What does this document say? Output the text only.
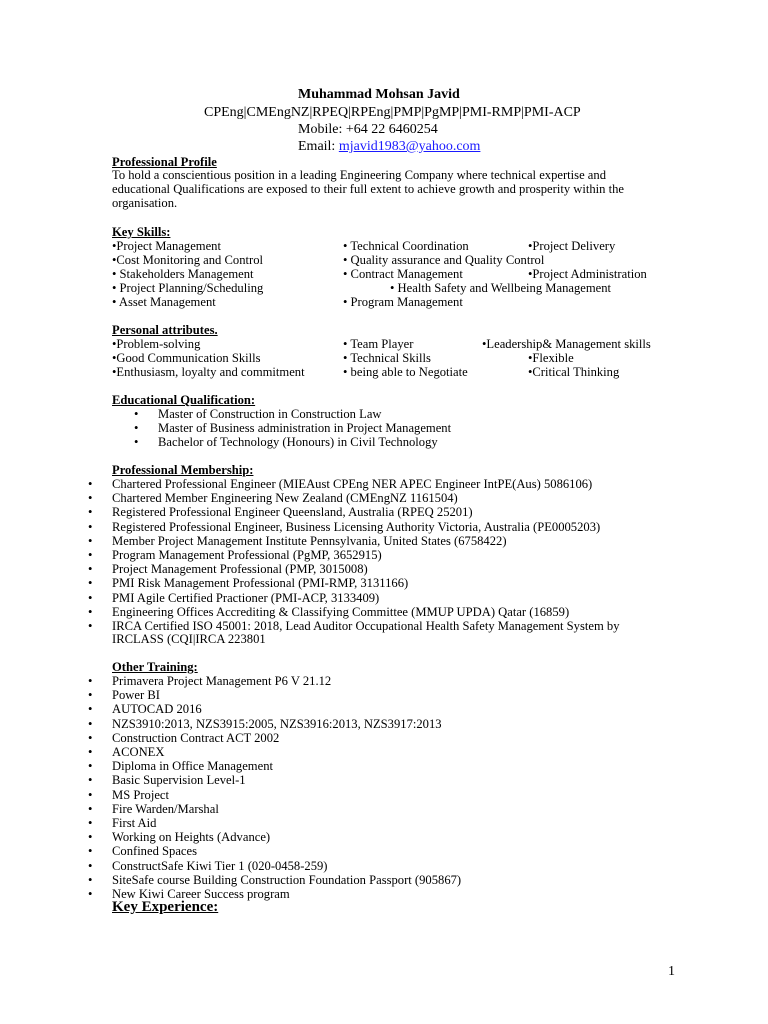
Muhammad Mohsan Javid
CPEng|CMEngNZ|RPEQ|RPEng|PMP|PgMP|PMI-RMP|PMI-ACP
Mobile: +64 22 6460254
Email: mjavid1983@yahoo.com
Professional Profile
To hold a conscientious position in a leading Engineering Company where technical expertise and
educational Qualifications are exposed to their full extent to achieve growth and prosperity within the
organisation.
Key Skills:
•Project Management	• Technical Coordination	•Project Delivery
•Cost Monitoring and Control	• Quality assurance and Quality Control
• Stakeholders Management	• Contract Management	•Project Administration
• Project Planning/Scheduling	• Health Safety and Wellbeing Management
• Asset Management	• Program Management
Personal attributes.
•Problem-solving	• Team Player	•Leadership& Management skills
•Good Communication Skills	• Technical Skills	•Flexible
•Enthusiasm, loyalty and commitment	• being able to Negotiate	•Critical Thinking
Educational Qualification:
• Master of Construction in Construction Law
• Master of Business administration in Project Management
• Bachelor of Technology (Honours) in Civil Technology
Professional Membership:
• Chartered Professional Engineer (MIEAust CPEng NER APEC Engineer IntPE(Aus) 5086106)
• Chartered Member Engineering New Zealand (CMEngNZ 1161504)
• Registered Professional Engineer Queensland, Australia (RPEQ 25201)
• Registered Professional Engineer, Business Licensing Authority Victoria, Australia (PE0005203)
• Member Project Management Institute Pennsylvania, United States (6758422)
• Program Management Professional (PgMP, 3652915)
• Project Management Professional (PMP, 3015008)
• PMI Risk Management Professional (PMI-RMP, 3131166)
• PMI Agile Certified Practioner (PMI-ACP, 3133409)
• Engineering Offices Accrediting & Classifying Committee (MMUP UPDA) Qatar (16859)
• IRCA Certified ISO 45001: 2018, Lead Auditor Occupational Health Safety Management System by
IRCLASS (CQI|IRCA 223801
Other Training:
• Primavera Project Management P6 V 21.12
• Power BI
• AUTOCAD 2016
• NZS3910:2013, NZS3915:2005, NZS3916:2013, NZS3917:2013
• Construction Contract ACT 2002
• ACONEX
• Diploma in Office Management
• Basic Supervision Level-1
• MS Project
• Fire Warden/Marshal
• First Aid
• Working on Heights (Advance)
• Confined Spaces
• ConstructSafe Kiwi Tier 1 (020-0458-259)
• SiteSafe course Building Construction Foundation Passport (905867)
• New Kiwi Career Success program
Key Experience:
1
